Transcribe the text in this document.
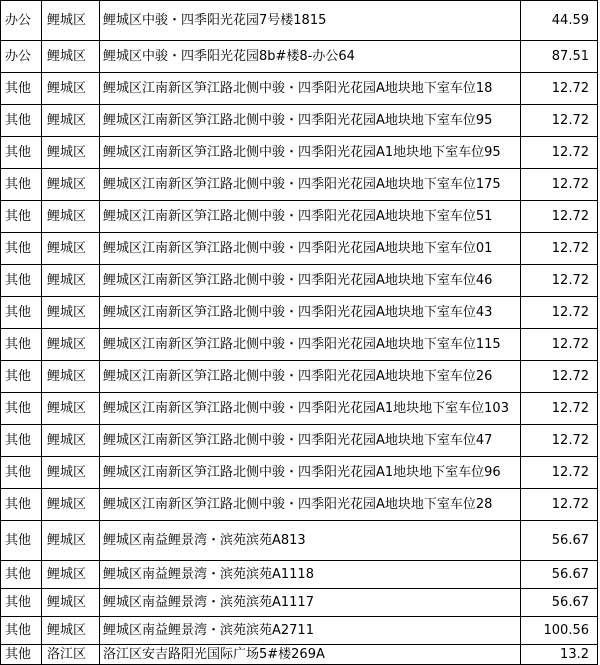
办公	鲤城区	鲤城区中骏・四季阳光花园7号楼1815	44.59
办公	鲤城区	鲤城区中骏・四季阳光花园8b#楼8-办公64	87.51
其他	鲤城区	鲤城区江南新区笋江路北侧中骏・四季阳光花园A地块地下室车位18	12.72
其他	鲤城区	鲤城区江南新区笋江路北侧中骏・四季阳光花园A地块地下室车位95	12.72
其他	鲤城区	鲤城区江南新区笋江路北侧中骏・四季阳光花园A1地块地下室车位95	12.72
其他	鲤城区	鲤城区江南新区笋江路北侧中骏・四季阳光花园A地块地下室车位175	12.72
其他	鲤城区	鲤城区江南新区笋江路北侧中骏・四季阳光花园A地块地下室车位51	12.72
其他	鲤城区	鲤城区江南新区笋江路北侧中骏・四季阳光花园A地块地下室车位01	12.72
其他	鲤城区	鲤城区江南新区笋江路北侧中骏・四季阳光花园A地块地下室车位46	12.72
其他	鲤城区	鲤城区江南新区笋江路北侧中骏・四季阳光花园A地块地下室车位43	12.72
其他	鲤城区	鲤城区江南新区笋江路北侧中骏・四季阳光花园A地块地下室车位115	12.72
其他	鲤城区	鲤城区江南新区笋江路北侧中骏・四季阳光花园A地块地下室车位26	12.72
其他	鲤城区	鲤城区江南新区笋江路北侧中骏・四季阳光花园A1地块地下室车位103	12.72
其他	鲤城区	鲤城区江南新区笋江路北侧中骏・四季阳光花园A地块地下室车位47	12.72
其他	鲤城区	鲤城区江南新区笋江路北侧中骏・四季阳光花园A1地块地下室车位96	12.72
其他	鲤城区	鲤城区江南新区笋江路北侧中骏・四季阳光花园A地块地下室车位28	12.72
其他	鲤城区	鲤城区南益鲤景湾・滨苑滨苑A813	56.67
其他	鲤城区	鲤城区南益鲤景湾・滨苑滨苑A1118	56.67
其他	鲤城区	鲤城区南益鲤景湾・滨苑滨苑A1117	56.67
其他	鲤城区	鲤城区南益鲤景湾・滨苑滨苑A2711	100.56
其他	洛江区	洛江区安吉路阳光国际广场5#楼269A	13.2
